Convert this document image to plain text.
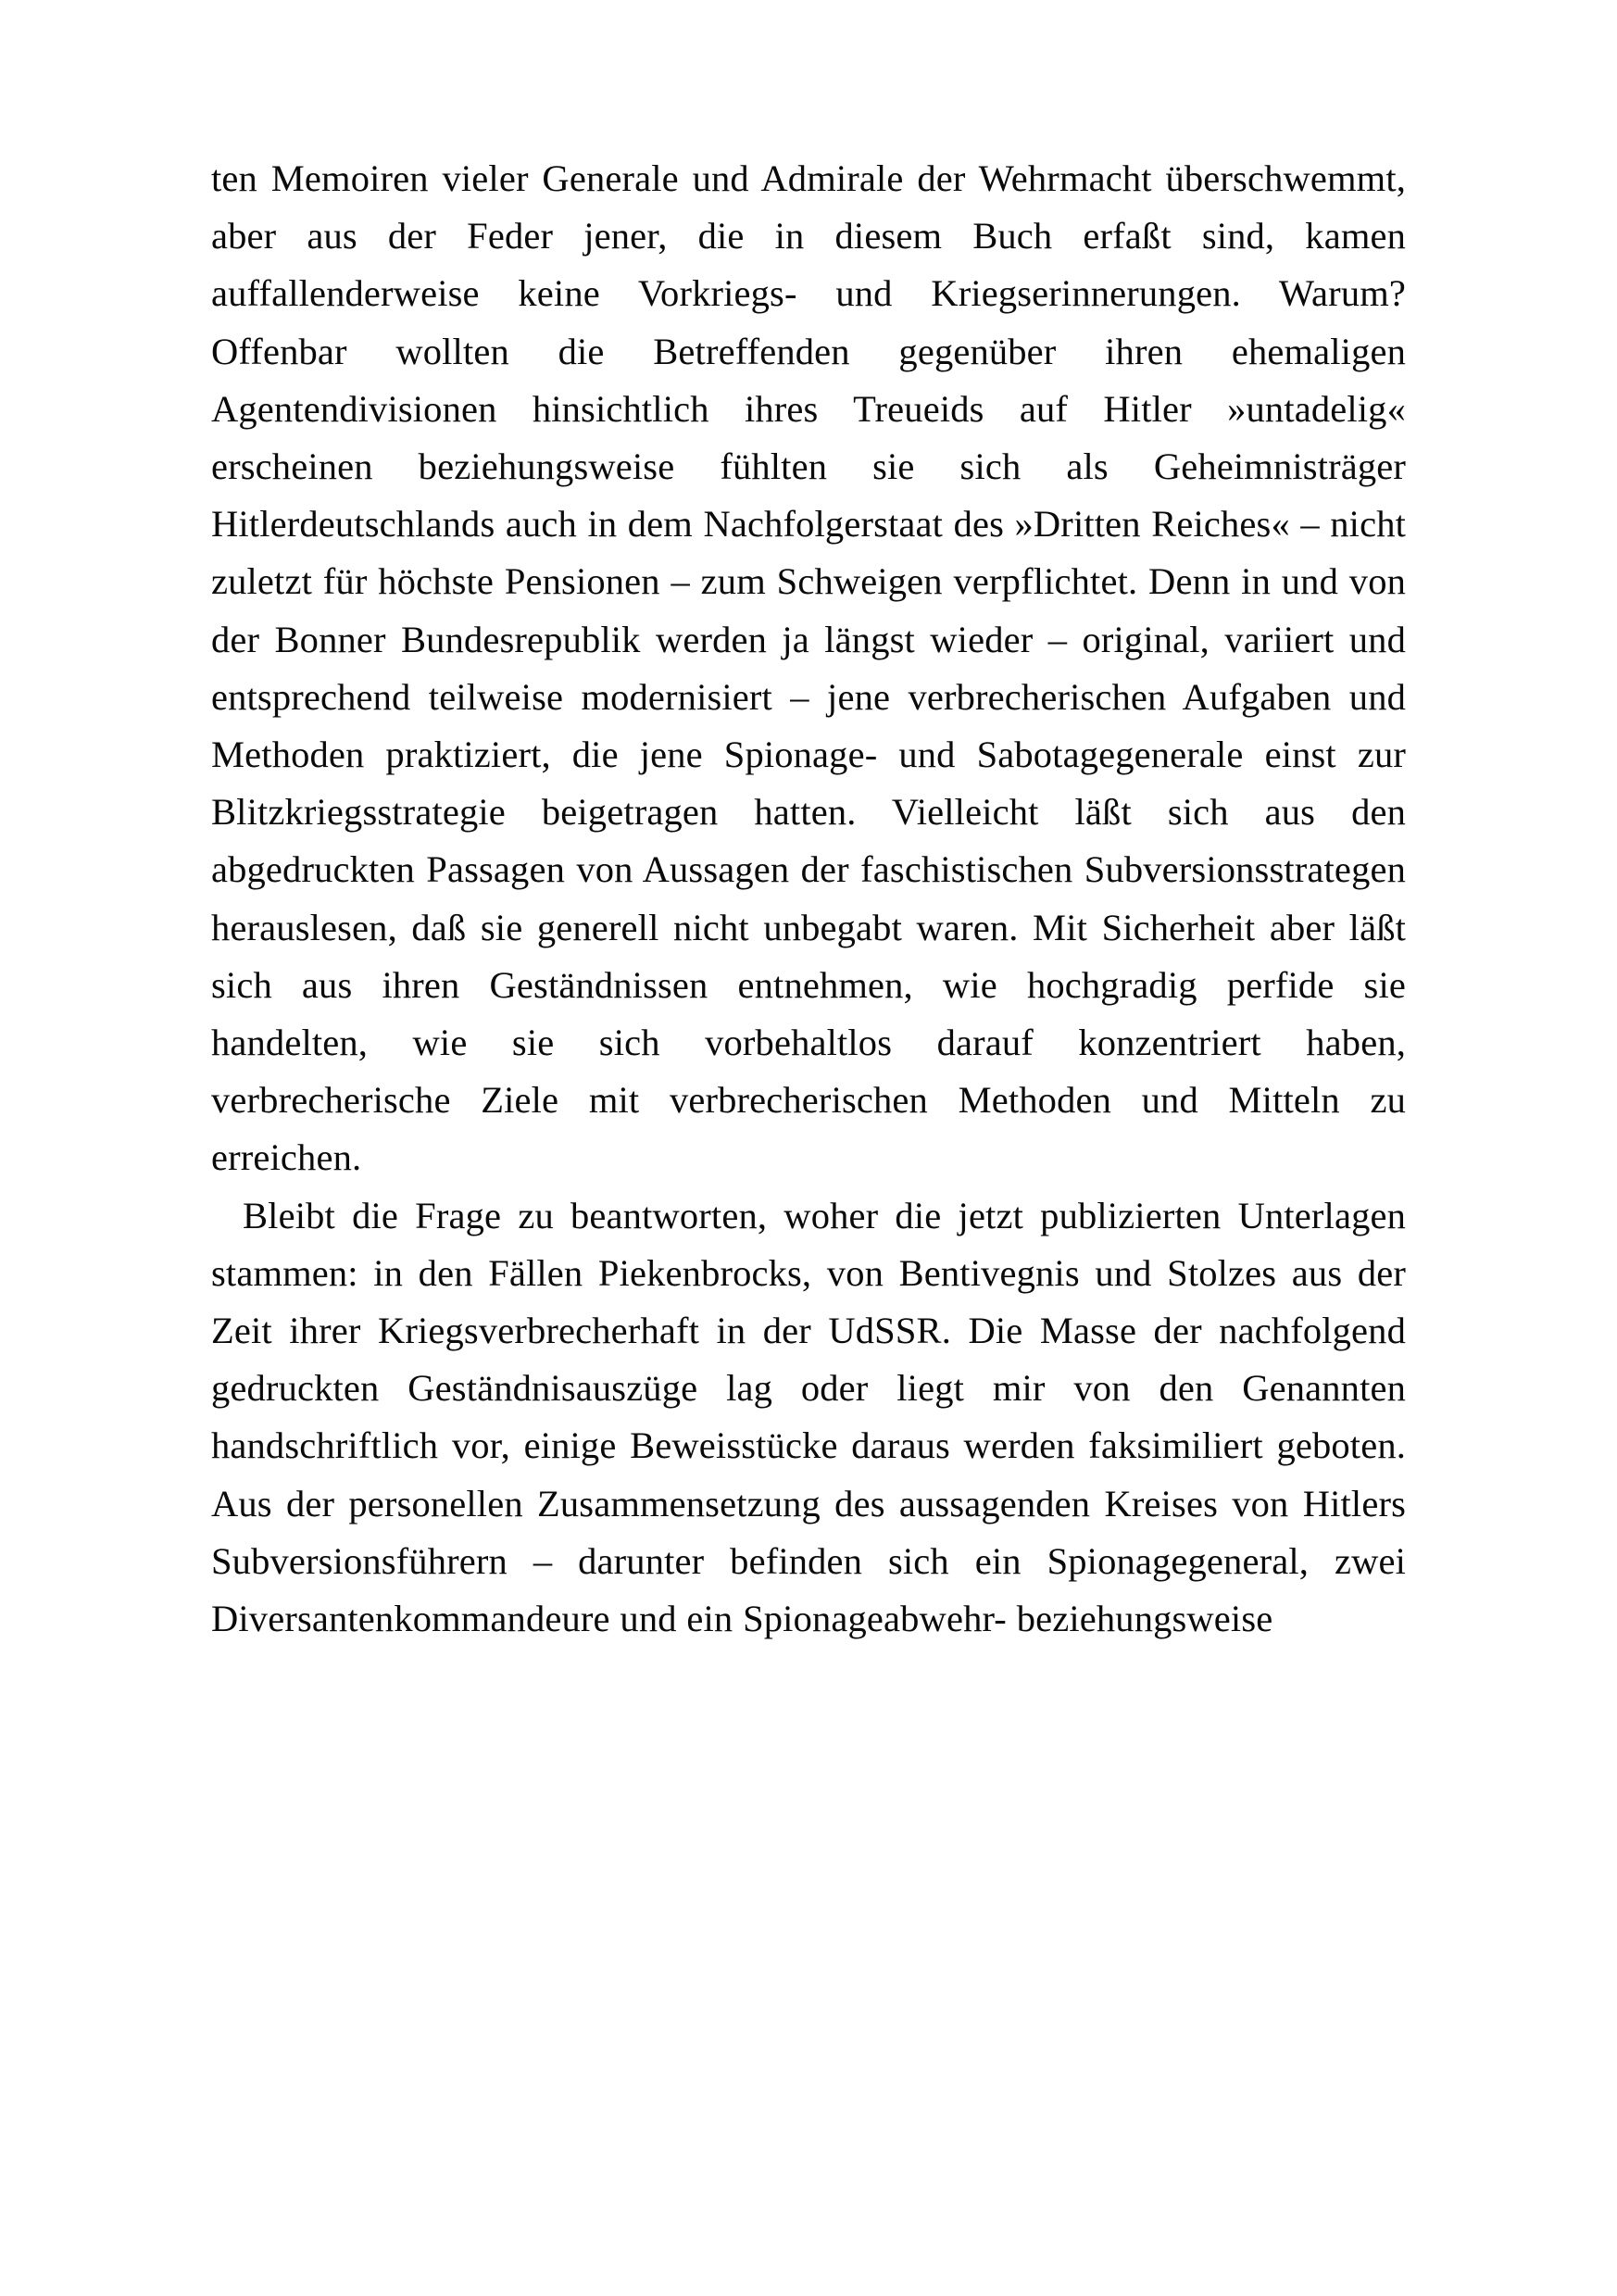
ten Memoiren vieler Generale und Admirale der Wehrmacht überschwemmt, aber aus der Feder jener, die in diesem Buch erfaßt sind, kamen auffallenderweise keine Vorkriegs- und Kriegserinnerungen. Warum? Offenbar wollten die Betreffenden gegenüber ihren ehemaligen Agentendivisionen hinsichtlich ihres Treueids auf Hitler »untadelig« erscheinen beziehungsweise fühlten sie sich als Geheimnisträger Hitlerdeutschlands auch in dem Nachfolgerstaat des »Dritten Reiches« – nicht zuletzt für höchste Pensionen – zum Schweigen verpflichtet. Denn in und von der Bonner Bundesrepublik werden ja längst wieder – original, variiert und entsprechend teilweise modernisiert – jene verbrecherischen Aufgaben und Methoden praktiziert, die jene Spionage- und Sabotagegenerale einst zur Blitzkriegsstrategie beigetragen hatten. Vielleicht läßt sich aus den abgedruckten Passagen von Aussagen der faschistischen Subversionsstrategen herauslesen, daß sie generell nicht unbegabt waren. Mit Sicherheit aber läßt sich aus ihren Geständnissen entnehmen, wie hochgradig perfide sie handelten, wie sie sich vorbehaltlos darauf konzentriert haben, verbrecherische Ziele mit verbrecherischen Methoden und Mitteln zu erreichen.

Bleibt die Frage zu beantworten, woher die jetzt publizierten Unterlagen stammen: in den Fällen Piekenbrocks, von Bentivegnis und Stolzes aus der Zeit ihrer Kriegsverbrecherhaft in der UdSSR. Die Masse der nachfolgend gedruckten Geständnisauszüge lag oder liegt mir von den Genannten handschriftlich vor, einige Beweisstücke daraus werden faksimiliert geboten. Aus der personellen Zusammensetzung des aussagenden Kreises von Hitlers Subversionsführern – darunter befinden sich ein Spionagegeneral, zwei Diversantenkommandeure und ein Spionageabwehr- beziehungsweise
